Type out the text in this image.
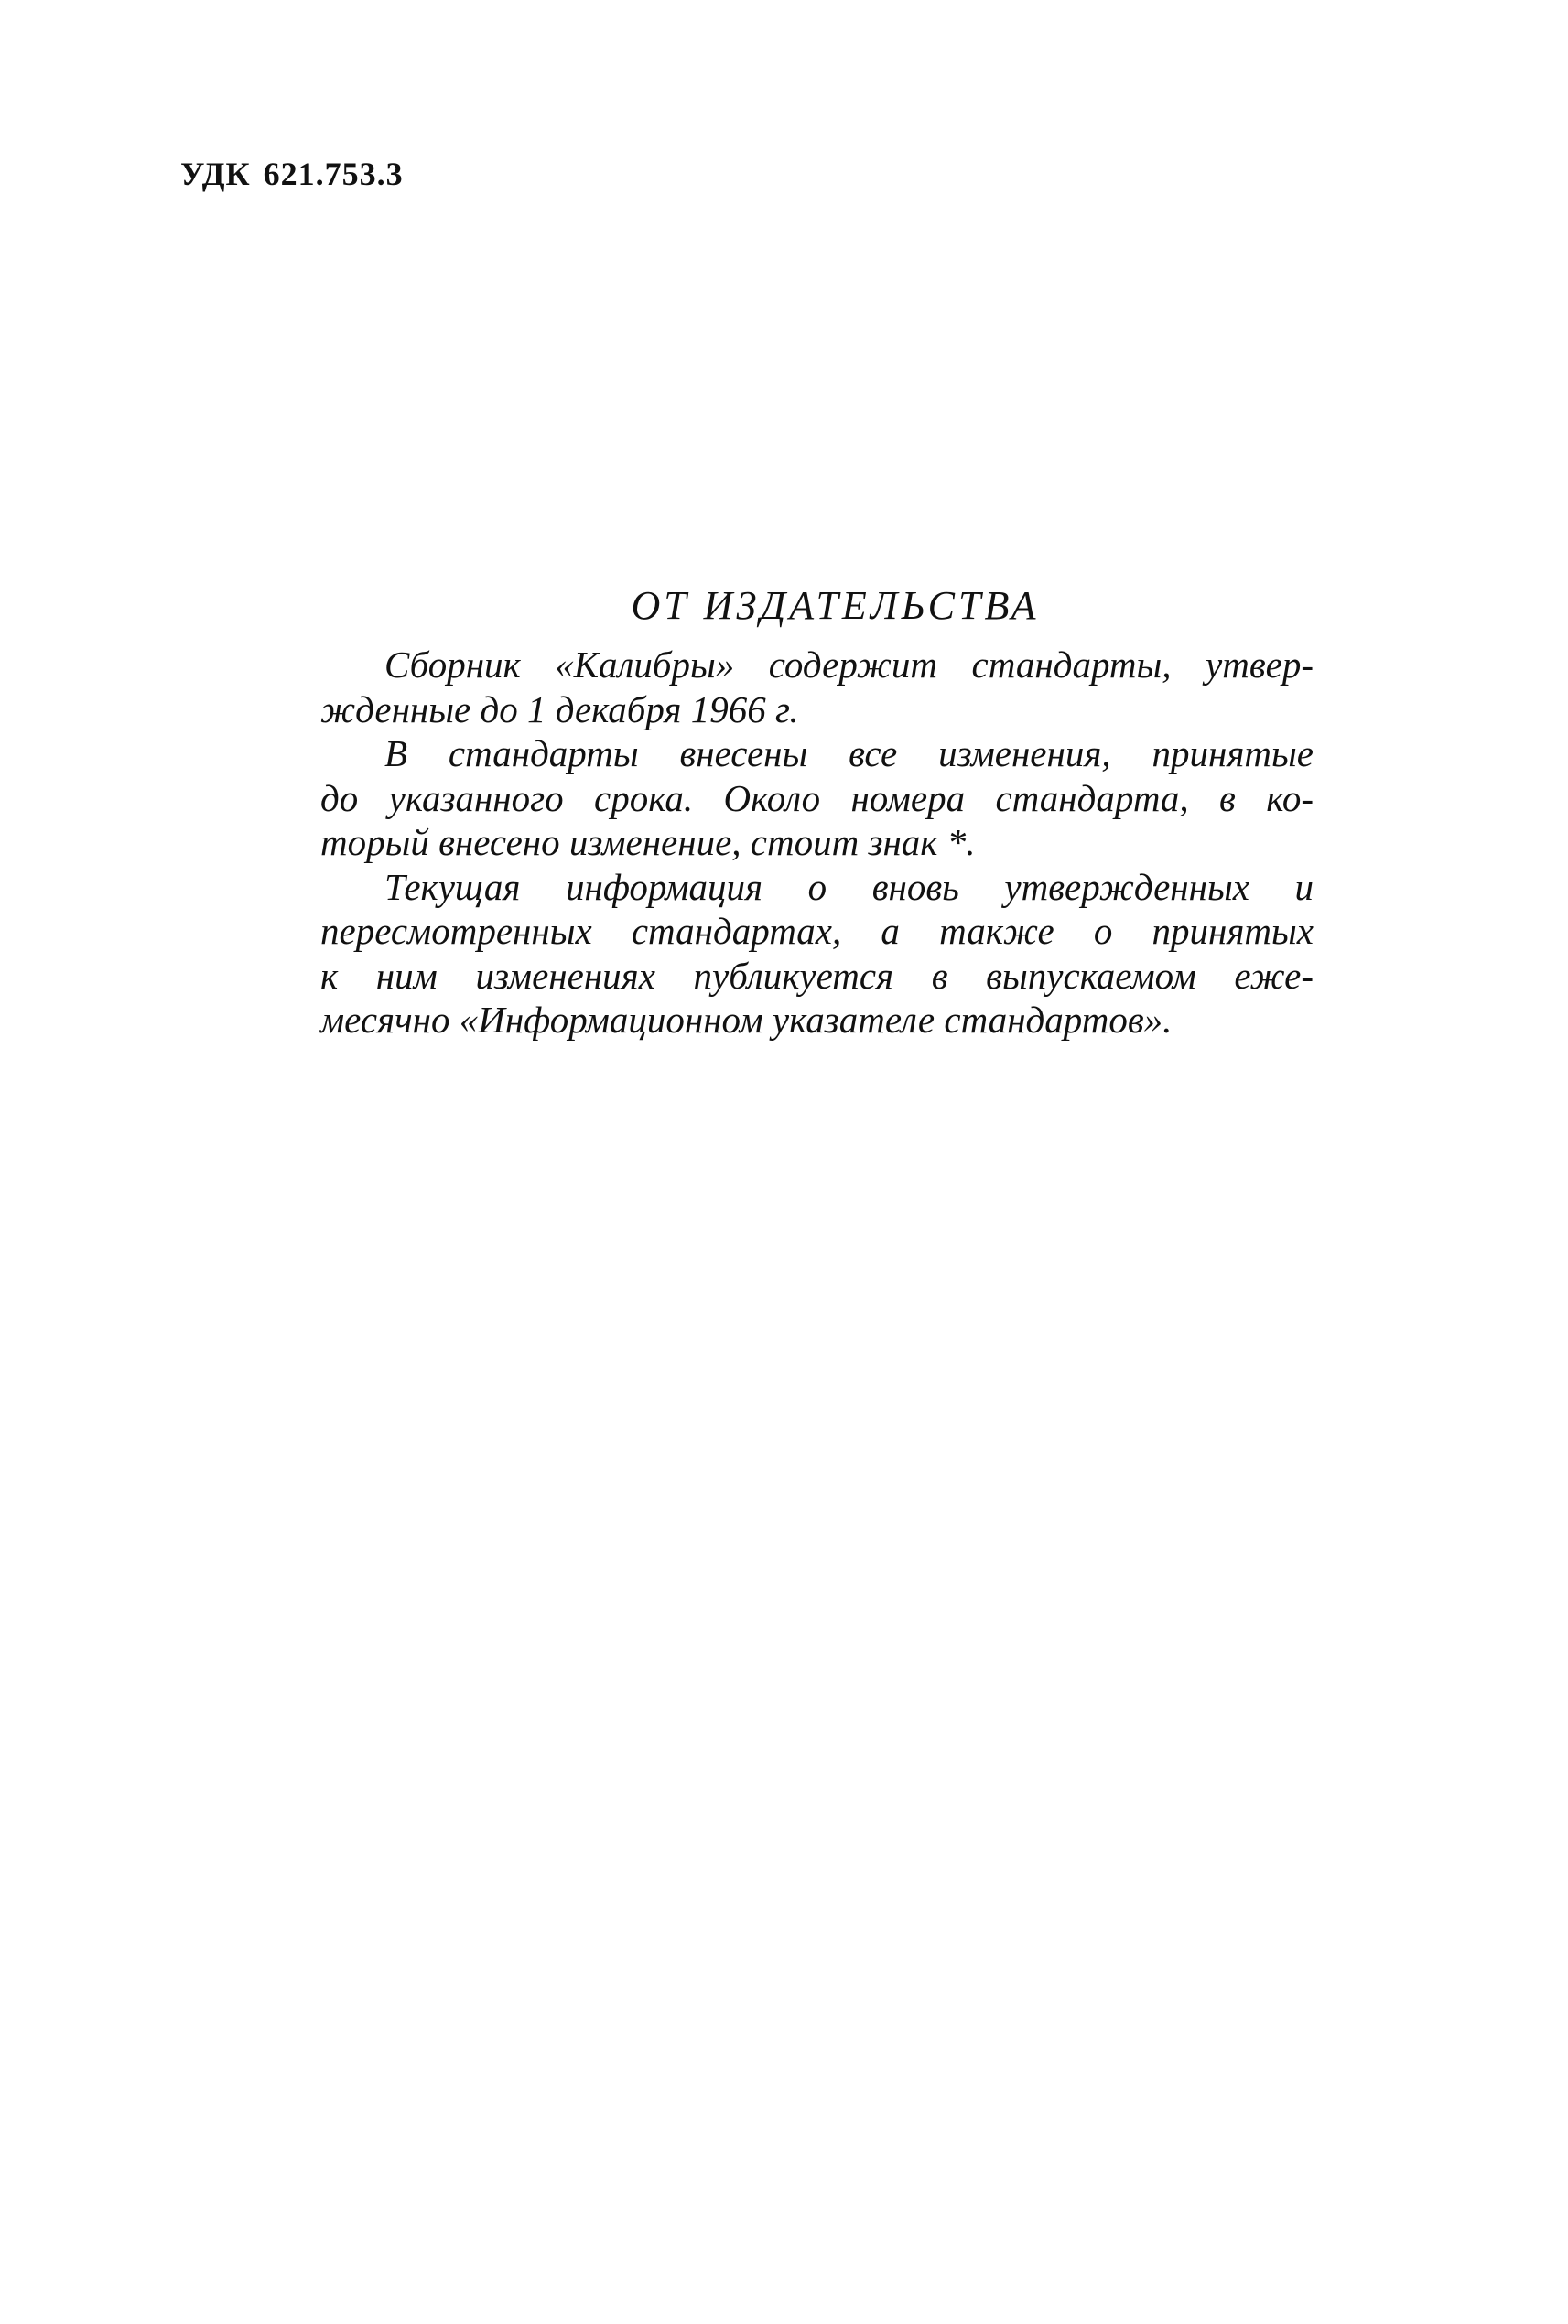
УДК 621.753.3
ОТ ИЗДАТЕЛЬСТВА
Сборник «Калибры» содержит стандарты, утвер-
жденные до 1 декабря 1966 г.
В стандарты внесены все изменения, принятые
до указанного срока. Около номера стандарта, в ко-
торый внесено изменение, стоит знак *.
Текущая информация о вновь утвержденных и
пересмотренных стандартах, а также о принятых
к ним изменениях публикуется в выпускаемом еже-
месячно «Информационном указателе стандартов».
